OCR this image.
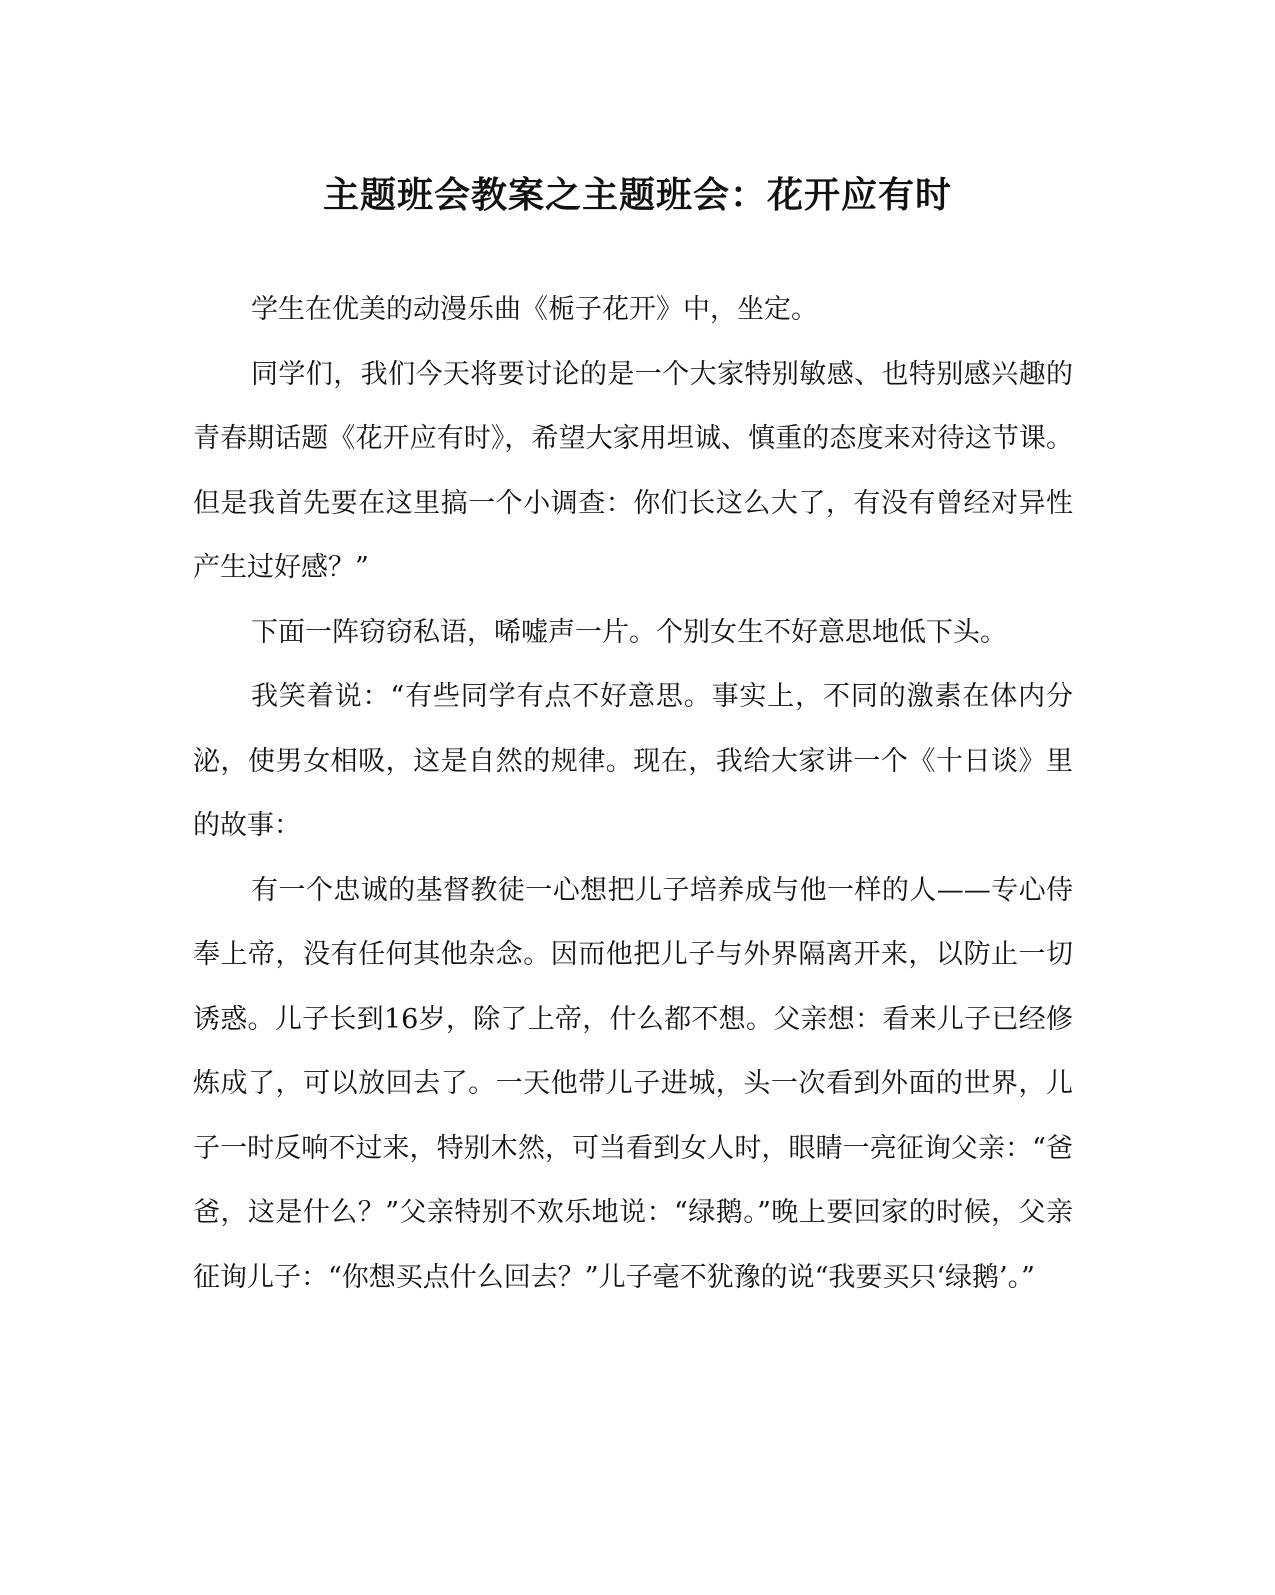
主题班会教案之主题班会：花开应有时

学生在优美的动漫乐曲《栀子花开》中，坐定。

同学们，我们今天将要讨论的是一个大家特别敏感、也特别感兴趣的青春期话题《花开应有时》，希望大家用坦诚、慎重的态度来对待这节课。但是我首先要在这里搞一个小调查：你们长这么大了，有没有曾经对异性产生过好感？”

下面一阵窃窃私语，唏嘘声一片。个别女生不好意思地低下头。

我笑着说：“有些同学有点不好意思。事实上，不同的激素在体内分泌，使男女相吸，这是自然的规律。现在，我给大家讲一个《十日谈》里的故事：

有一个忠诚的基督教徒一心想把儿子培养成与他一样的人——专心侍奉上帝，没有任何其他杂念。因而他把儿子与外界隔离开来，以防止一切诱惑。儿子长到16岁，除了上帝，什么都不想。父亲想：看来儿子已经修炼成了，可以放回去了。一天他带儿子进城，头一次看到外面的世界，儿子一时反响不过来，特别木然，可当看到女人时，眼睛一亮征询父亲：“爸爸，这是什么？”父亲特别不欢乐地说：“绿鹅。”晚上要回家的时候，父亲征询儿子：“你想买点什么回去？”儿子毫不犹豫的说“我要买只‘绿鹅’。”
